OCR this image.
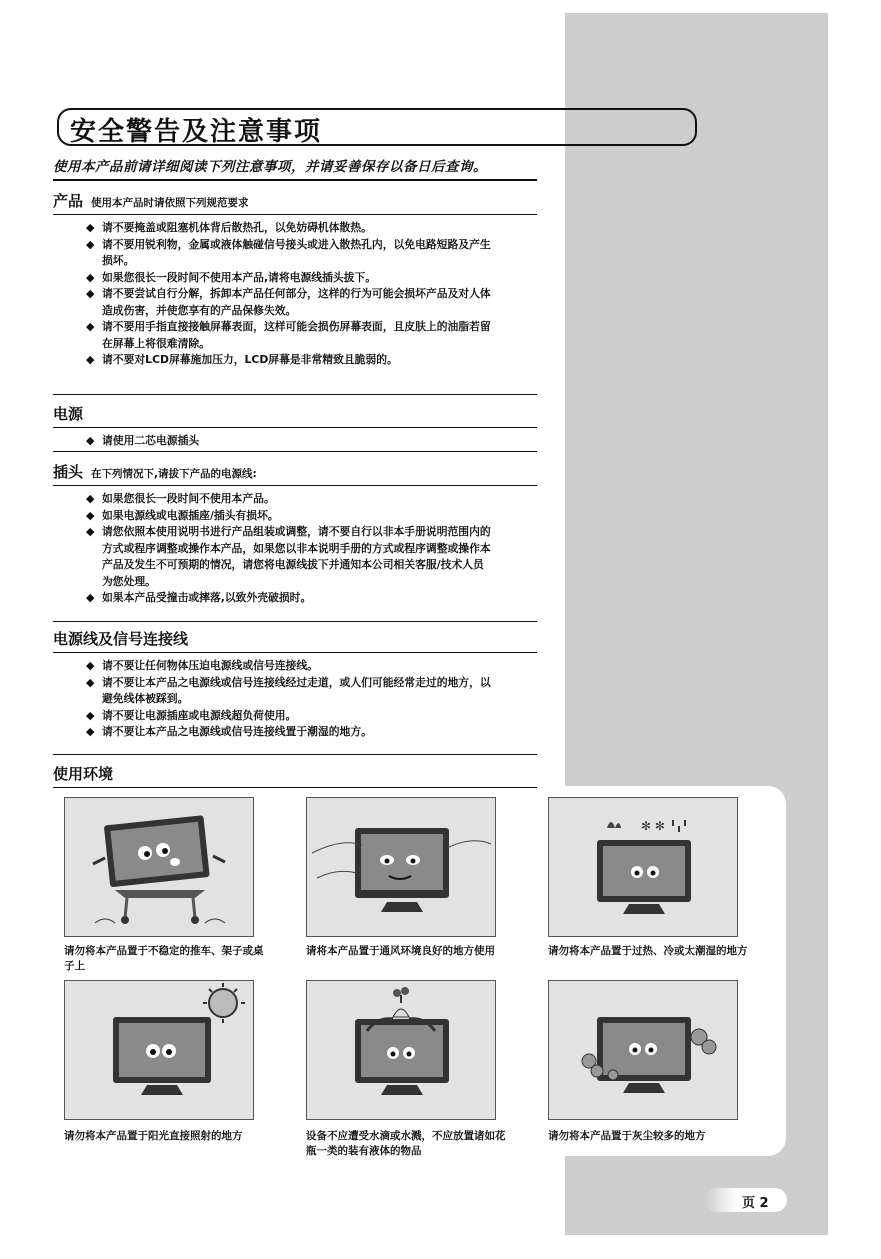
安全警告及注意事项
使用本产品前请详细阅读下列注意事项，并请妥善保存以备日后查询。
产品 使用本产品时请依照下列规范要求
◆ 请不要掩盖或阻塞机体背后散热孔，以免妨碍机体散热。
◆ 请不要用锐利物，金属或液体触碰信号接头或进入散热孔内，以免电路短路及产生损坏。
◆ 如果您很长一段时间不使用本产品,请将电源线插头拔下。
◆ 请不要尝试自行分解，拆卸本产品任何部分，这样的行为可能会损坏产品及对人体造成伤害，并使您享有的产品保修失效。
◆ 请不要用手指直接接触屏幕表面，这样可能会损伤屏幕表面，且皮肤上的油脂若留在屏幕上将很难清除。
◆ 请不要对LCD屏幕施加压力，LCD屏幕是非常精致且脆弱的。
电源
◆ 请使用二芯电源插头
插头 在下列情况下,请拔下产品的电源线:
◆ 如果您很长一段时间不使用本产品。
◆ 如果电源线或电源插座/插头有损坏。
◆ 请您依照本使用说明书进行产品组装或调整，请不要自行以非本手册说明范围内的方式或程序调整或操作本产品，如果您以非本说明手册的方式或程序调整或操作本产品及发生不可预期的情况，请您将电源线拔下并通知本公司相关客服/技术人员为您处理。
◆ 如果本产品受撞击或摔落,以致外壳破损时。
电源线及信号连接线
◆ 请不要让任何物体压迫电源线或信号连接线。
◆ 请不要让本产品之电源线或信号连接线经过走道，或人们可能经常走过的地方，以避免线体被踩到。
◆ 请不要让电源插座或电源线超负荷使用。
◆ 请不要让本产品之电源线或信号连接线置于潮湿的地方。
使用环境
✻ ✻
请勿将本产品置于不稳定的推车、架子或桌子上
请将本产品置于通风环境良好的地方使用	请勿将本产品置于过热、冷或太潮湿的地方
请勿将本产品置于阳光直接照射的地方	设备不应遭受水滴或水溅，不应放置诸如花瓶一类的装有液体的物品
请勿将本产品置于灰尘较多的地方
页 2
